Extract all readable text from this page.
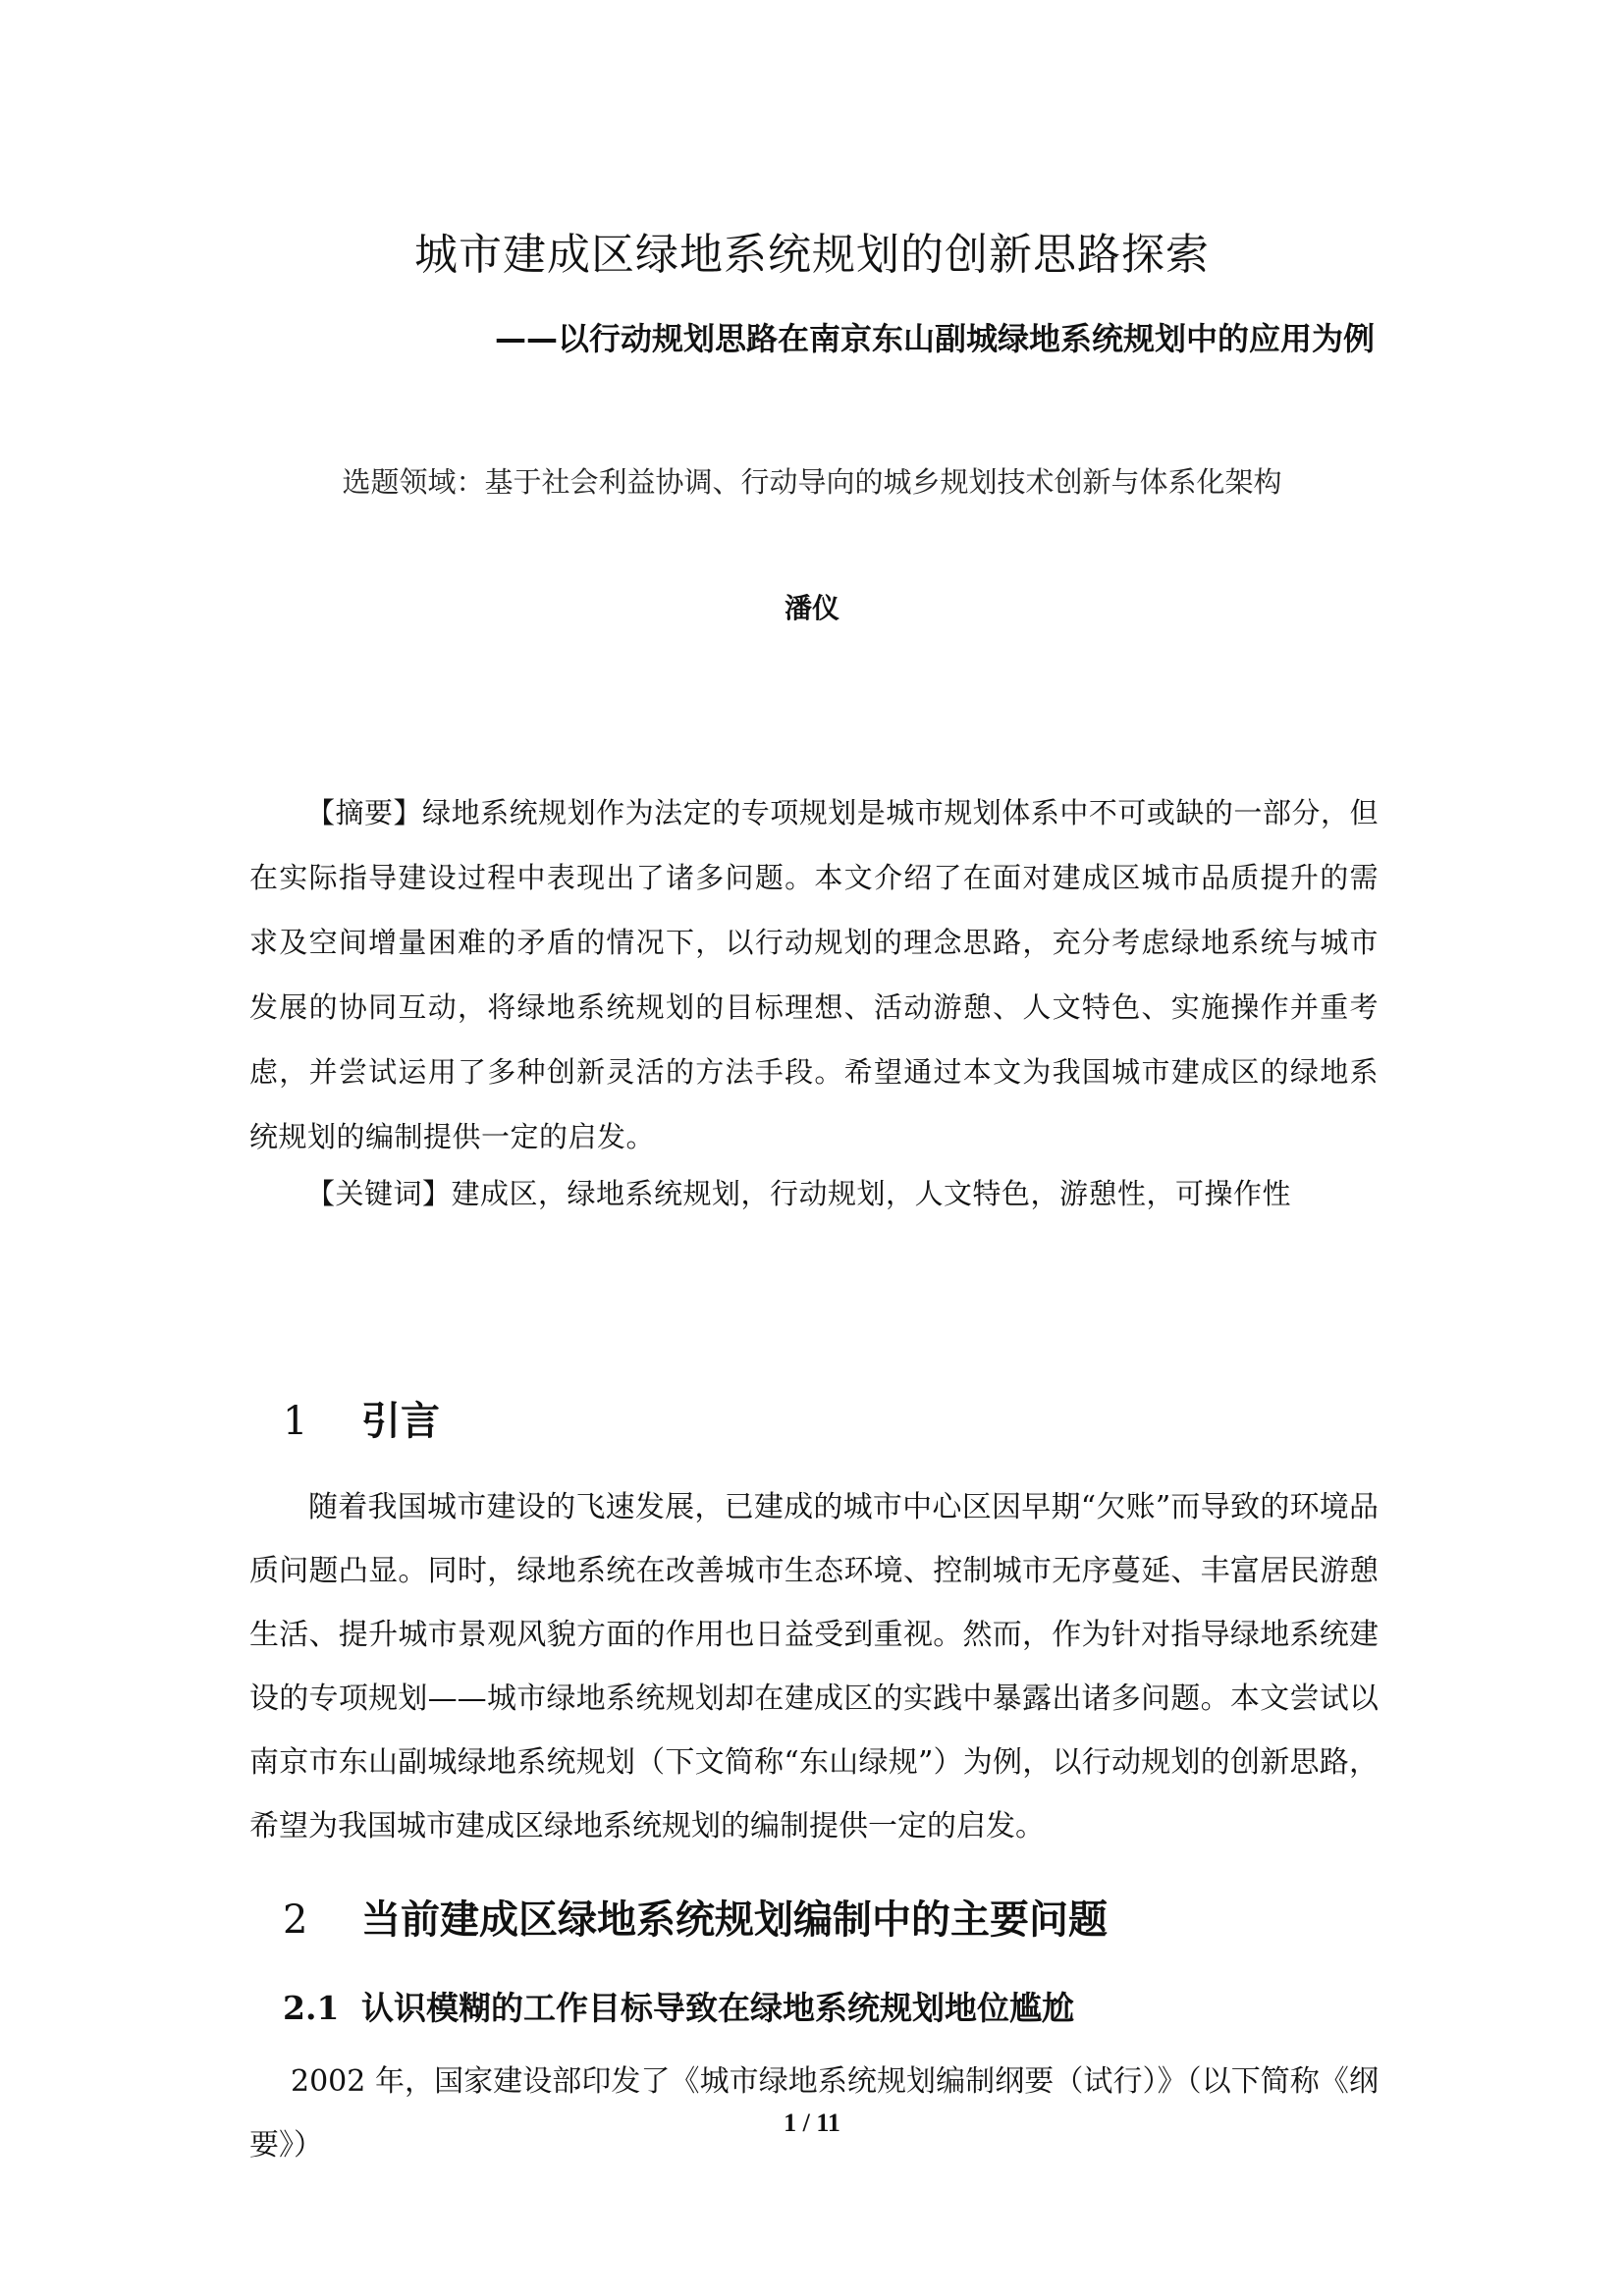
城市建成区绿地系统规划的创新思路探索
——以行动规划思路在南京东山副城绿地系统规划中的应用为例
选题领域：基于社会利益协调、行动导向的城乡规划技术创新与体系化架构
潘仪

【摘要】绿地系统规划作为法定的专项规划是城市规划体系中不可或缺的一部分，但在实际指导建设过程中表现出了诸多问题。本文介绍了在面对建成区城市品质提升的需求及空间增量困难的矛盾的情况下，以行动规划的理念思路，充分考虑绿地系统与城市发展的协同互动，将绿地系统规划的目标理想、活动游憩、人文特色、实施操作并重考虑，并尝试运用了多种创新灵活的方法手段。希望通过本文为我国城市建成区的绿地系统规划的编制提供一定的启发。

【关键词】建成区，绿地系统规划，行动规划，人文特色，游憩性，可操作性

1 引言

随着我国城市建设的飞速发展，已建成的城市中心区因早期“欠账”而导致的环境品质问题凸显。同时，绿地系统在改善城市生态环境、控制城市无序蔓延、丰富居民游憩生活、提升城市景观风貌方面的作用也日益受到重视。然而，作为针对指导绿地系统建设的专项规划——城市绿地系统规划却在建成区的实践中暴露出诸多问题。本文尝试以南京市东山副城绿地系统规划（下文简称“东山绿规”）为例，以行动规划的创新思路，希望为我国城市建成区绿地系统规划的编制提供一定的启发。

2 当前建成区绿地系统规划编制中的主要问题
2.1 认识模糊的工作目标导致在绿地系统规划地位尴尬

2002 年，国家建设部印发了《城市绿地系统规划编制纲要（试行）》（以下简称《纲要》）

1 / 11
